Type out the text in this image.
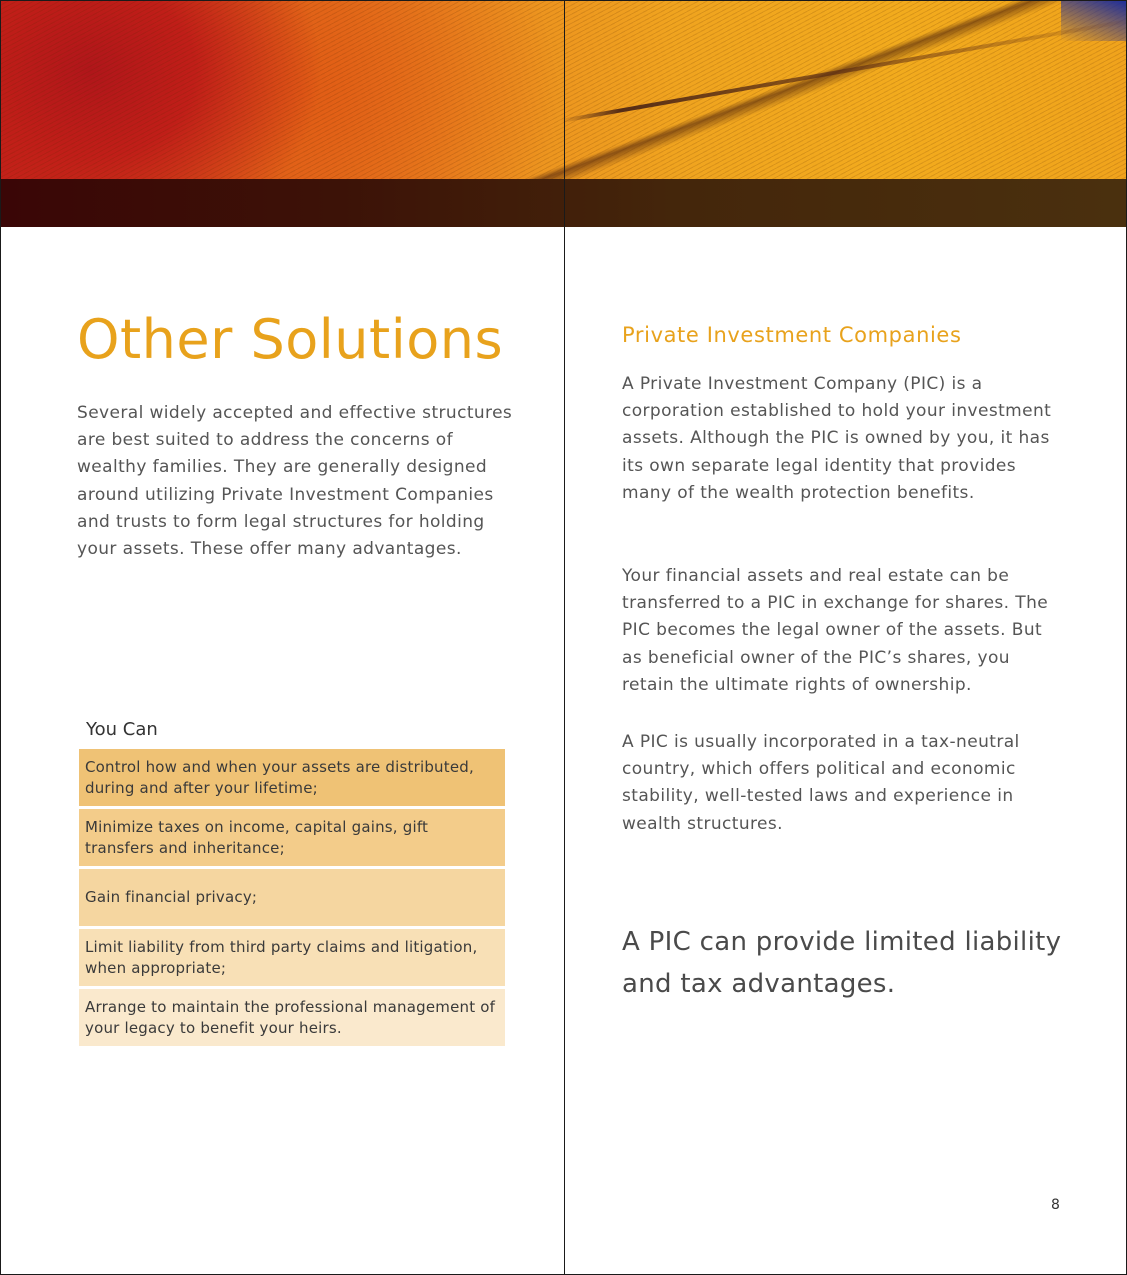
Other Solutions

Several widely accepted and effective structures are best suited to address the concerns of wealthy families. They are generally designed around utilizing Private Investment Companies and trusts to form legal structures for holding your assets. These offer many advantages.

You Can
Control how and when your assets are distributed, during and after your lifetime;
Minimize taxes on income, capital gains, gift transfers and inheritance;
Gain financial privacy;
Limit liability from third party claims and litigation, when appropriate;
Arrange to maintain the professional management of your legacy to benefit your heirs.
Private Investment Companies

A Private Investment Company (PIC) is a corporation established to hold your investment assets. Although the PIC is owned by you, it has its own separate legal identity that provides many of the wealth protection benefits.

Your financial assets and real estate can be transferred to a PIC in exchange for shares. The PIC becomes the legal owner of the assets. But as beneficial owner of the PIC’s shares, you retain the ultimate rights of ownership.

A PIC is usually incorporated in a tax-neutral country, which offers political and economic stability, well-tested laws and experience in wealth structures.

A PIC can provide limited liability and tax advantages.

8
